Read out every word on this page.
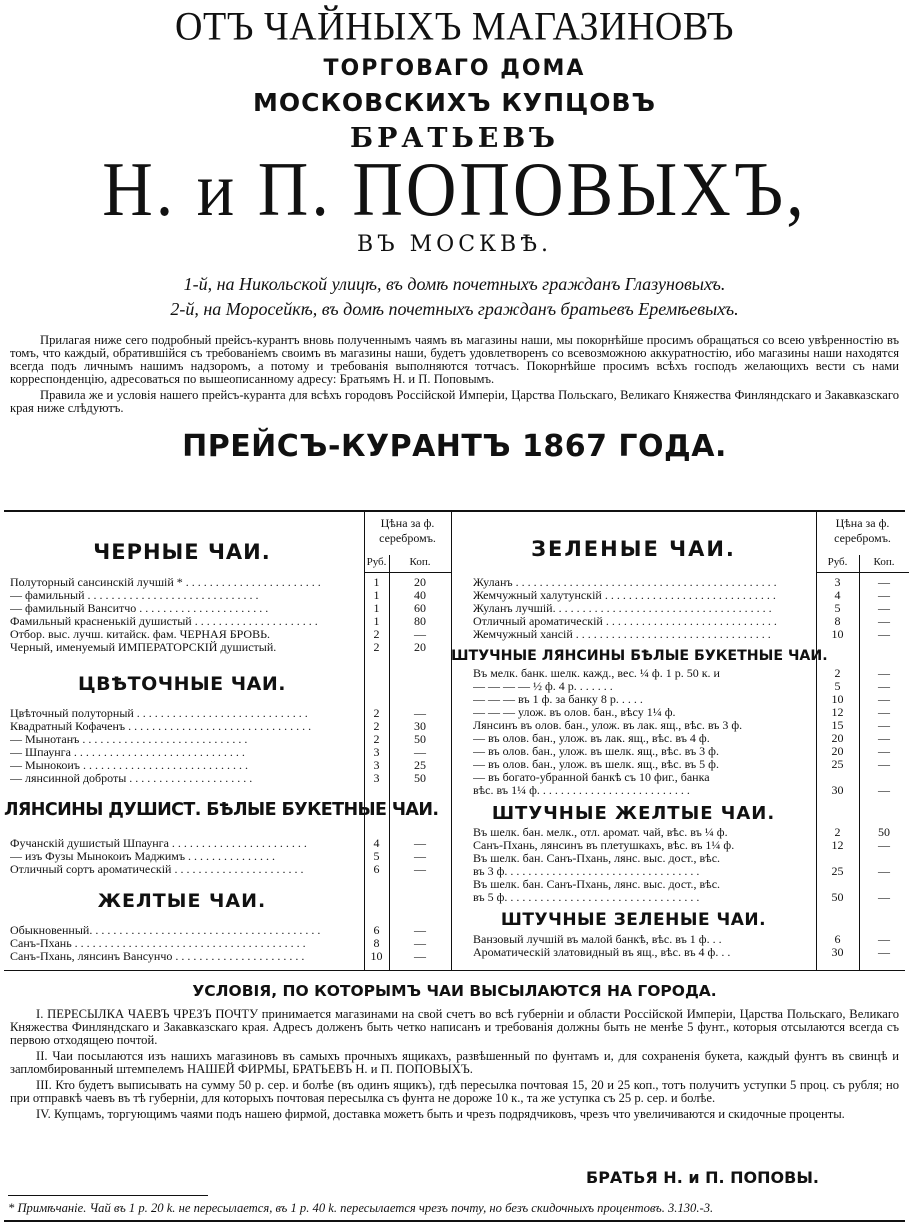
ОТЪ ЧАЙНЫХЪ МАГАЗИНОВЪ
ТОРГОВАГО ДОМА
МОСКОВСКИХЪ КУПЦОВЪ
БРАТЬЕВЪ
Н. и П. ПОПОВЫХЪ,
ВЪ МОСКВѢ.

1-й, на Никольской улицѣ, въ домѣ почетныхъ гражданъ Глазуновыхъ.

2-й, на Моросейкѣ, въ домѣ почетныхъ гражданъ братьевъ Еремѣевыхъ.

Прилагая ниже сего подробный прейсъ-курантъ вновь полученнымъ чаямъ въ магазины наши, мы покорнѣйше просимъ обращаться со всею увѣренностію въ томъ, что каждый, обратившійся съ требованіемъ своимъ въ магазины наши, будетъ удовлетворенъ со всевозможною аккуратностію, ибо магазины наши находятся всегда подъ личнымъ нашимъ надзоромъ, а потому и требованія выполняются тотчасъ. Покорнѣйше просимъ всѣхъ господъ желающихъ вести съ нами корреспонденцію, адресоваться по вышеописанному адресу: Братьямъ Н. и П. Поповымъ.

Правила же и условія нашего прейсъ-куранта для всѣхъ городовъ Россійской Имперіи, Царства Польскаго, Великаго Княжества Финляндскаго и Закавказскаго края ниже слѣдуютъ.

ПРЕЙСЪ-КУРАНТЪ 1867 ГОДА.
Цѣна за ф.
серебромъ.
Цѣна за ф.
серебромъ.
Руб.	Коп.	Руб.	Коп.
ЧЕРНЫЕ ЧАИ.
Полуторный сансинскій лучшій * . . . . . . . . . . . . . . . . . . . . . . .	1	20
— фамильный . . . . . . . . . . . . . . . . . . . . . . . . . . . . .	1	40
— фамильный Ванситчо . . . . . . . . . . . . . . . . . . . . . .	1	60
Фамильный красненькій душистый . . . . . . . . . . . . . . . . . . . . .	1	80
Отбор. выс. лучш. китайск. фам. ЧЕРНАЯ БРОВЬ.	2	—
Черный, именуемый ИМПЕРАТОРСКІЙ душистый.	2	20
ЦВѢТОЧНЫЕ ЧАИ.
Цвѣточный полуторный . . . . . . . . . . . . . . . . . . . . . . . . . . . . .	2	—
Квадратный Кофаченъ . . . . . . . . . . . . . . . . . . . . . . . . . . . . . . .	2	30
— Мынотанъ . . . . . . . . . . . . . . . . . . . . . . . . . . . .	2	50
— Шпаунга . . . . . . . . . . . . . . . . . . . . . . . . . . . . .	3	—
— Мынокоиъ . . . . . . . . . . . . . . . . . . . . . . . . . . . .	3	25
— лянсинной доброты . . . . . . . . . . . . . . . . . . . . .	3	50
ЛЯНСИНЫ ДУШИСТ. БѢЛЫЕ БУКЕТНЫЕ ЧАИ.
Фучанскій душистый Шпаунга . . . . . . . . . . . . . . . . . . . . . . .	4	—
— изъ Фузы Мынокоиъ Маджимъ . . . . . . . . . . . . . . .	5	—
Отличный сортъ ароматическій . . . . . . . . . . . . . . . . . . . . . .	6	—
ЖЕЛТЫЕ ЧАИ.
Обыкновенный. . . . . . . . . . . . . . . . . . . . . . . . . . . . . . . . . . . . . . .	6	—
Санъ-Пхань . . . . . . . . . . . . . . . . . . . . . . . . . . . . . . . . . . . . . . .	8	—
Санъ-Пхань, лянсинъ Вансунчо . . . . . . . . . . . . . . . . . . . . . .	10	—
ЗЕЛЕНЫЕ ЧАИ.
Жуланъ . . . . . . . . . . . . . . . . . . . . . . . . . . . . . . . . . . . . . . . . . . . .	3	—
Жемчужный халутунскій . . . . . . . . . . . . . . . . . . . . . . . . . . . . .	4	—
Жуланъ лучшій. . . . . . . . . . . . . . . . . . . . . . . . . . . . . . . . . . . . .	5	—
Отличный ароматическій . . . . . . . . . . . . . . . . . . . . . . . . . . . . .	8	—
Жемчужный хансій . . . . . . . . . . . . . . . . . . . . . . . . . . . . . . . . .	10	—
ШТУЧНЫЕ ЛЯНСИНЫ БѢЛЫЕ БУКЕТНЫЕ ЧАИ.
Въ мелк. банк. шелк. кажд., вес. ¼ ф. 1 р. 50 к. и	2	—
— — — — ½ ф. 4 р. . . . . . .	5	—
— — — въ 1 ф. за банку 8 р. . . . .	10	—
— — — улож. въ олов. бан., вѣсу 1¼ ф.	12	—
Лянсинъ въ олов. бан., улож. въ лак. ящ., вѣс. въ 3 ф.	15	—
— въ олов. бан., улож. въ лак. ящ., вѣс. въ 4 ф.	20	—
— въ олов. бан., улож. въ шелк. ящ., вѣс. въ 3 ф.	20	—
— въ олов. бан., улож. въ шелк. ящ., вѣс. въ 5 ф.	25	—
— въ богато-убранной банкѣ съ 10 фиг., банка
вѣс. въ 1¼ ф. . . . . . . . . . . . . . . . . . . . . . . . . .	30	—
ШТУЧНЫЕ ЖЕЛТЫЕ ЧАИ.
Въ шелк. бан. мелк., отл. аромат. чай, вѣс. въ ¼ ф.	2	50
Санъ-Пхань, лянсинъ въ плетушкахъ, вѣс. въ 1¼ ф.	12	—
Въ шелк. бан. Санъ-Пхань, лянс. выс. дост., вѣс.
въ 3 ф. . . . . . . . . . . . . . . . . . . . . . . . . . . . . . . . .	25	—
Въ шелк. бан. Санъ-Пхань, лянс. выс. дост., вѣс.
въ 5 ф. . . . . . . . . . . . . . . . . . . . . . . . . . . . . . . . .	50	—
ШТУЧНЫЕ ЗЕЛЕНЫЕ ЧАИ.
Ванзовый лучшій въ малой банкѣ, вѣс. въ 1 ф. . .	6	—
Ароматическій златовидный въ ящ., вѣс. въ 4 ф. . .	30	—
УСЛОВІЯ, ПО КОТОРЫМЪ ЧАИ ВЫСЫЛАЮТСЯ НА ГОРОДА.

I. ПЕРЕСЫЛКА ЧАЕВЪ ЧРЕЗЪ ПОЧТУ принимается магазинами на свой счетъ во всѣ губерніи и области Россійской Имперіи, Царства Польскаго, Великаго Княжества Финляндскаго и Закавказскаго края. Адресъ долженъ быть четко написанъ и требованія должны быть не менѣе 5 фунт., которыя отсылаются всегда съ первою отходящею почтой.

II. Чаи посылаются изъ нашихъ магазиновъ въ самыхъ прочныхъ ящикахъ, развѣшенный по фунтамъ и, для сохраненія букета, каждый фунтъ въ свинцѣ и запломбированный штемпелемъ НАШЕЙ ФИРМЫ, БРАТЬЕВЪ Н. и П. ПОПОВЫХЪ.

III. Кто будетъ выписывать на сумму 50 р. сер. и болѣе (въ одинъ ящикъ), гдѣ пересылка почтовая 15, 20 и 25 коп., тотъ получитъ уступки 5 проц. съ рубля; но при отправкѣ чаевъ въ тѣ губерніи, для которыхъ почтовая пересылка съ фунта не дороже 10 к., та же уступка съ 25 р. сер. и болѣе.

IV. Купцамъ, торгующимъ чаями подъ нашею фирмой, доставка можетъ быть и чрезъ подрядчиковъ, чрезъ что увеличиваются и скидочные проценты.

БРАТЬЯ Н. и П. ПОПОВЫ.
* Примѣчаніе. Чай въ 1 р. 20 k. не пересылается, въ 1 р. 40 k. пересылается чрезъ почту, но безъ скидочныхъ процентовъ. 3.130.-3.
